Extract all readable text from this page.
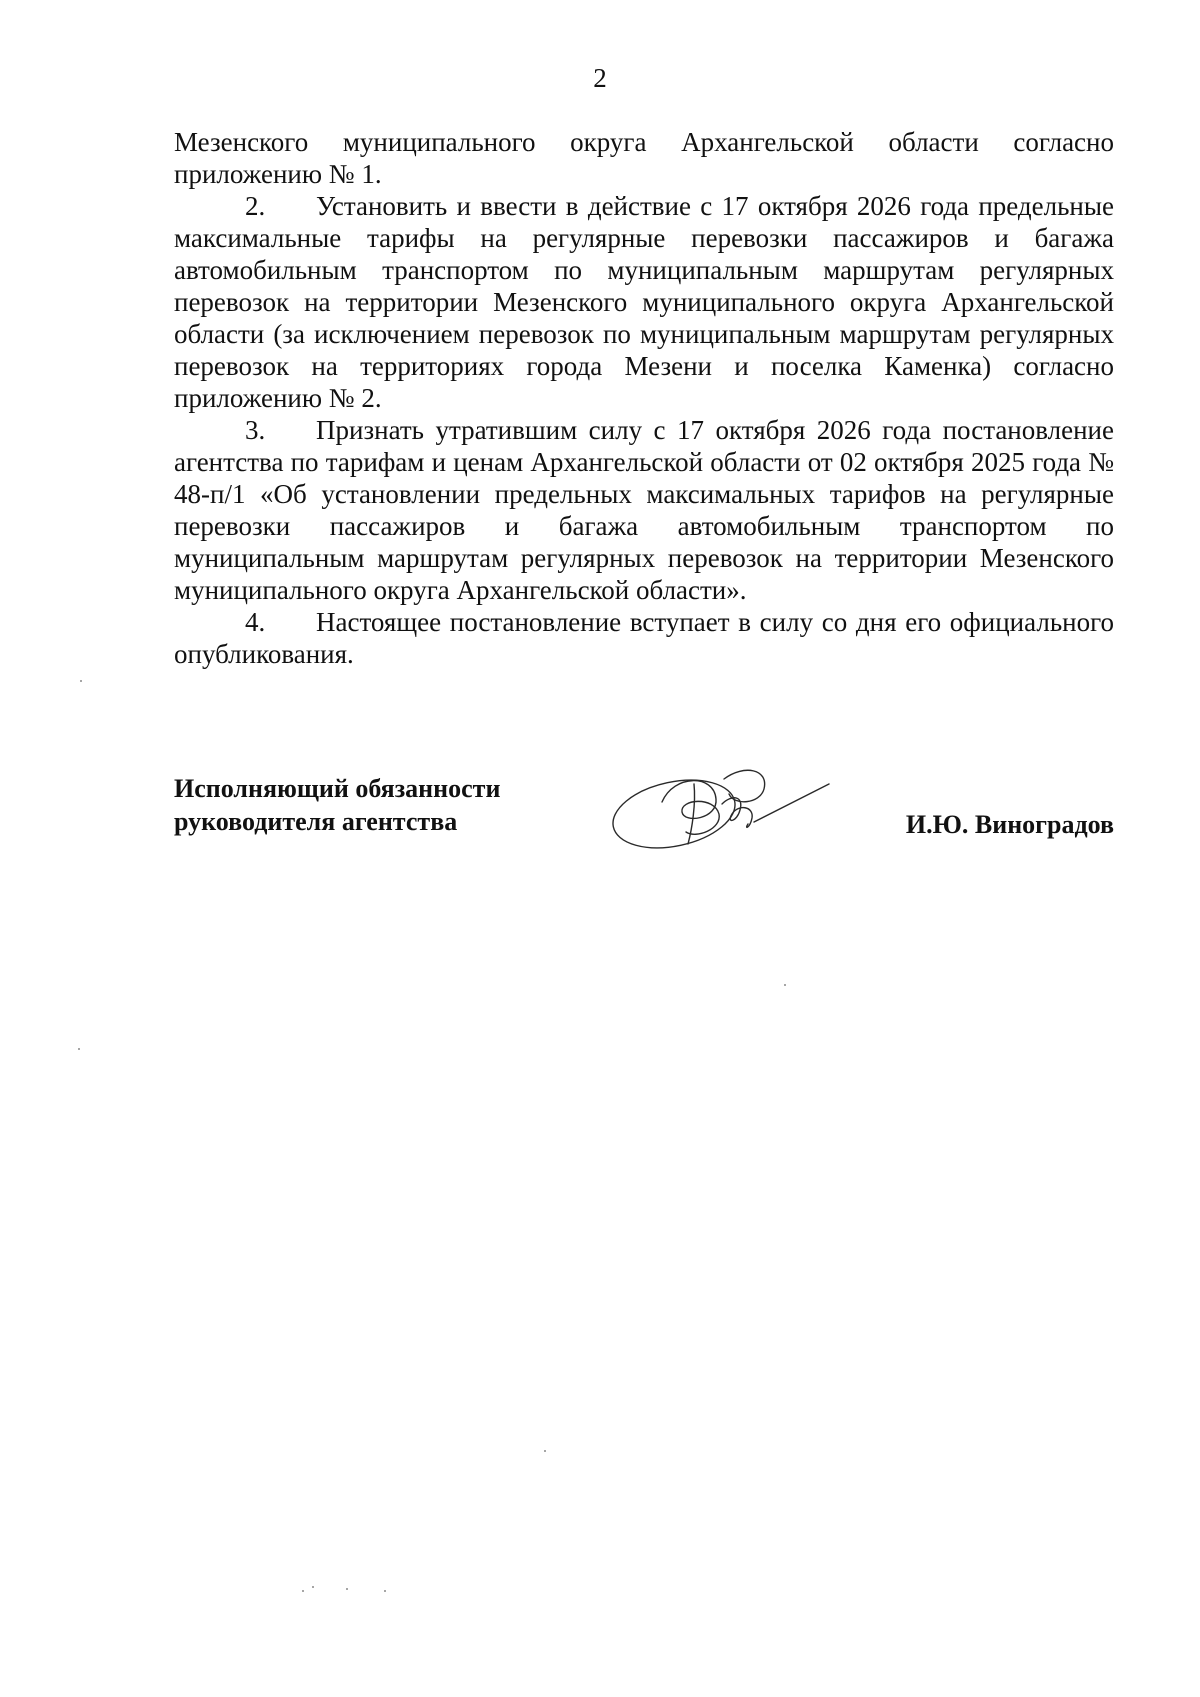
2

Мезенского муниципального округа Архангельской области согласно приложению № 1.

2. Установить и ввести в действие с 17 октября 2026 года предельные максимальные тарифы на регулярные перевозки пассажиров и багажа автомобильным транспортом по муниципальным маршрутам регулярных перевозок на территории Мезенского муниципального округа Архангельской области (за исключением перевозок по муниципальным маршрутам регулярных перевозок на территориях города Мезени и поселка Каменка) согласно приложению № 2.

3. Признать утратившим силу с 17 октября 2026 года постановление агентства по тарифам и ценам Архангельской области от 02 октября 2025 года № 48-п/1 «Об установлении предельных максимальных тарифов на регулярные перевозки пассажиров и багажа автомобильным транспортом по муниципальным маршрутам регулярных перевозок на территории Мезенского муниципального округа Архангельской области».

4. Настоящее постановление вступает в силу со дня его официального опубликования.

Исполняющий обязанности
руководителя агентства	И.Ю. Виноградов
